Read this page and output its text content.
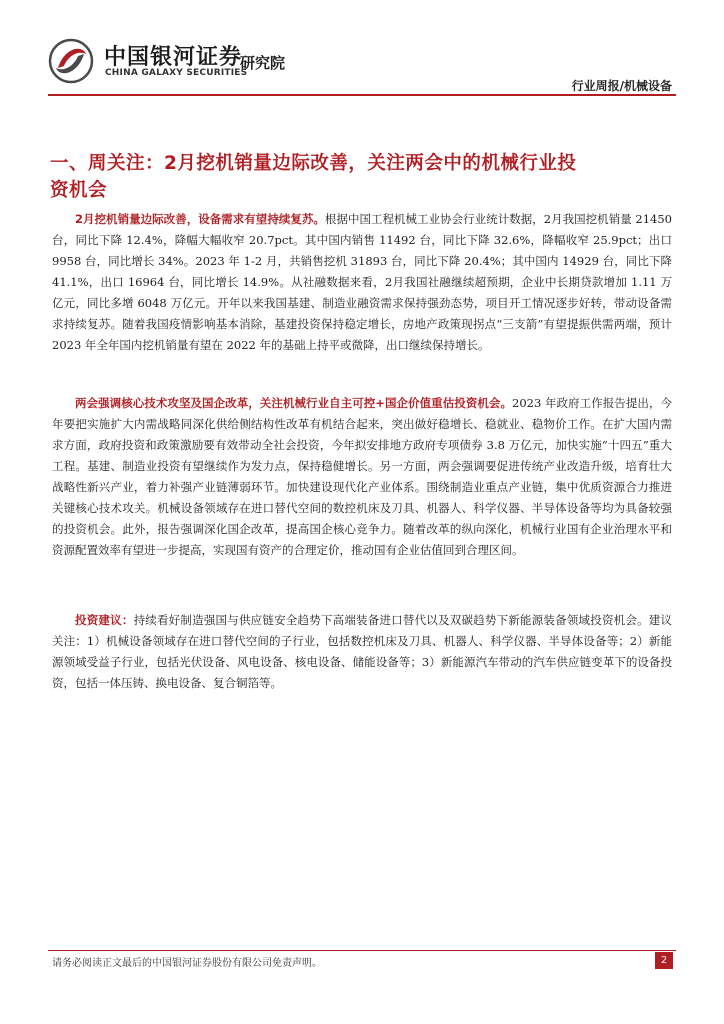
中国银河证券
CHINA GALAXY SECURITIES
研究院
行业周报/机械设备
一、周关注：2月挖机销量边际改善，关注两会中的机械行业投资机会

2月挖机销量边际改善，设备需求有望持续复苏。根据中国工程机械工业协会行业统计数据，2月我国挖机销量 21450 台，同比下降 12.4%，降幅大幅收窄 20.7pct。其中国内销售 11492 台，同比下降 32.6%，降幅收窄 25.9pct；出口 9958 台，同比增长 34%。2023 年 1-2 月，共销售挖机 31893 台，同比下降 20.4%；其中国内 14929 台，同比下降 41.1%，出口 16964 台，同比增长 14.9%。从社融数据来看，2月我国社融继续超预期，企业中长期贷款增加 1.11 万亿元，同比多增 6048 万亿元。开年以来我国基建、制造业融资需求保持强劲态势，项目开工情况逐步好转，带动设备需求持续复苏。随着我国疫情影响基本消除，基建投资保持稳定增长，房地产政策现拐点“三支箭”有望提振供需两端，预计 2023 年全年国内挖机销量有望在 2022 年的基础上持平或微降，出口继续保持增长。

两会强调核心技术攻坚及国企改革，关注机械行业自主可控+国企价值重估投资机会。2023 年政府工作报告提出，今年要把实施扩大内需战略同深化供给侧结构性改革有机结合起来，突出做好稳增长、稳就业、稳物价工作。在扩大国内需求方面，政府投资和政策激励要有效带动全社会投资，今年拟安排地方政府专项债券 3.8 万亿元，加快实施“十四五”重大工程。基建、制造业投资有望继续作为发力点，保持稳健增长。另一方面，两会强调要促进传统产业改造升级，培育壮大战略性新兴产业，着力补强产业链薄弱环节。加快建设现代化产业体系。围绕制造业重点产业链，集中优质资源合力推进关键核心技术攻关。机械设备领域存在进口替代空间的数控机床及刀具、机器人、科学仪器、半导体设备等均为具备较强的投资机会。此外，报告强调深化国企改革，提高国企核心竞争力。随着改革的纵向深化，机械行业国有企业治理水平和资源配置效率有望进一步提高，实现国有资产的合理定价，推动国有企业估值回到合理区间。

投资建议：持续看好制造强国与供应链安全趋势下高端装备进口替代以及双碳趋势下新能源装备领域投资机会。建议关注：1）机械设备领域存在进口替代空间的子行业，包括数控机床及刀具、机器人、科学仪器、半导体设备等；2）新能源领域受益子行业，包括光伏设备、风电设备、核电设备、储能设备等；3）新能源汽车带动的汽车供应链变革下的设备投资，包括一体压铸、换电设备、复合铜箔等。

请务必阅读正文最后的中国银河证券股份有限公司免责声明。	2
